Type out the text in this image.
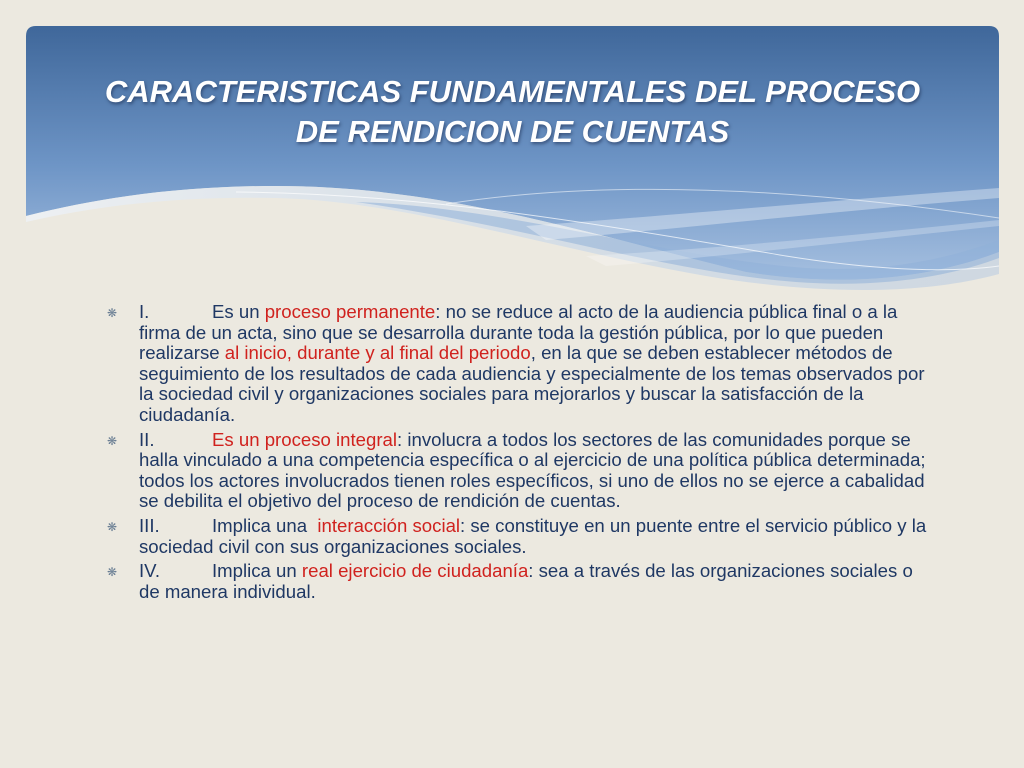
CARACTERISTICAS FUNDAMENTALES DEL PROCESO
DE RENDICION DE CUENTAS
❋ I.	Es un proceso permanente: no se reduce al acto de la audiencia pública final o a la firma de un acta, sino que se desarrolla durante toda la gestión pública, por lo que pueden realizarse al inicio, durante y al final del periodo, en la que se deben establecer métodos de seguimiento de los resultados de cada audiencia y especialmente de los temas observados por la sociedad civil y organizaciones sociales para mejorarlos y buscar la satisfacción de la ciudadanía.
❋ II.	Es un proceso integral: involucra a todos los sectores de las comunidades porque se halla vinculado a una competencia específica o al ejercicio de una política pública determinada; todos los actores involucrados tienen roles específicos, si uno de ellos no se ejerce a cabalidad se debilita el objetivo del proceso de rendición de cuentas.
❋ III.	Implica una  interacción social: se constituye en un puente entre el servicio público y la sociedad civil con sus organizaciones sociales.
❋ IV.	Implica un real ejercicio de ciudadanía: sea a través de las organizaciones sociales o de manera individual.
